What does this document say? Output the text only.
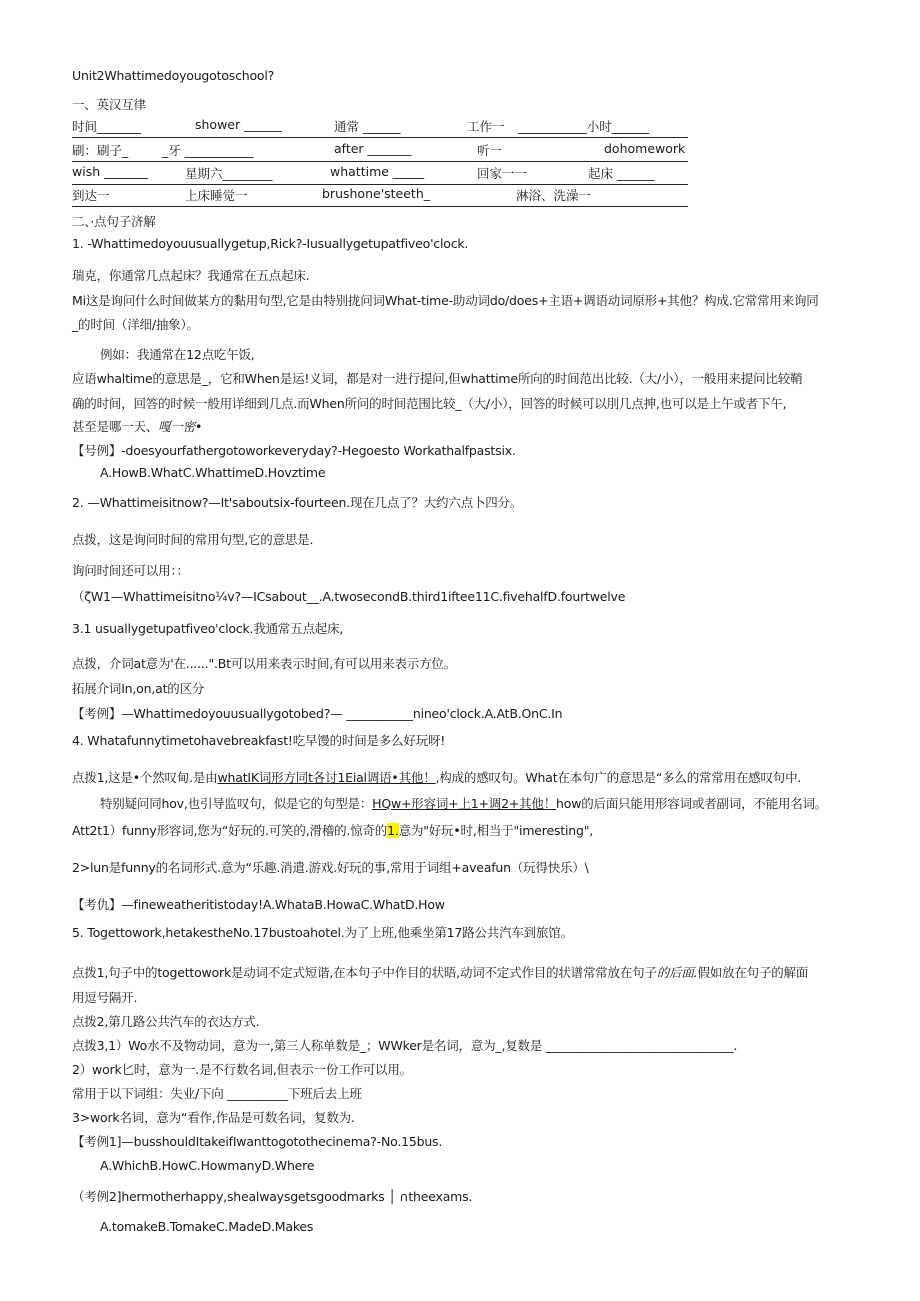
Unit2Whattimedoyougotoschool?
一、英汉互律
时间_______	shower ______	通常 ______	工作一 ___________小时______
刷：刷子_	_牙 ___________	after _______	听一	dohomework
wish _______	星期六________	whattime _____	回家一一	起床 ______
到达一	上床睡觉一	brushone'steeth_	淋浴、洗澡一
二、·点句子济解
1. -Whattimedoyouusuallygetup,Rick?-Iusuallygetupatfiveo'clock.
瑞克，你通常几点起床？我通常在五点起床.
Mi这是询问什么时间做某方的黏用句型,它是由特别拢问词What-time-助动词do∕does+主语+调语动词原形+其他？构成.它常常用来询同
_的时间（洋细/抽象）。
例如：我通常在12点吃午饭,
应语whaltime的意思是_，它和When是运!义词，都是对一进行提问,但whattime所向的时间范出比较.（大/小），一般用来提问比较鞘
确的时间，回答的时候一般用详细到几点.而When所问的时间范围比较_（大/小），回答的时候可以刖几点抻,也可以是上午或者下午,
甚至是哪一天、嘎一密•
【号例】-doesyourfathergotoworkeveryday?-Hegoesto Workathalfpastsix.
A.HowB.WhatC.WhattimeD.Hovztime
2. —Whattimeisitnow?—It'saboutsix-fourteen.现在几点了？大约六点卜四分。
点拨，这是询问时间的常用句型,它的意思是.
询问时间还可以用：：
（ζW1—Whattimeisitno¼v?—ICsabout__.A.twosecondB.third1iftee11C.fivehalfD.fourtwelve
3.1 usuallygetupatfiveo'clock.我通常五点起床,
点拨，介词at意为'在......".Bt可以用来表示时间,有可以用来表示方位。
拓展介词In,on,at的区分
【考例】—Whattimedoyouusuallygotobed?— ___________nineo'clock.A.AtB.OnC.In
4. Whatafunnytimetohavebreakfast!吃早馒的时间是多么好玩呀!
点拨1,这是•个然叹甸.是由whatIK词形方同t各讨1Eial调语•其他！,构成的感叹句。What在本句广的意思是“多么的常常用在感叹句中.
特别疑问同hov,也引导监叹句，似是它的句型是：HQw+形容词+上1+调2+其他！how的后面只能用形容词或者副词，不能用名词。
Att2t1）funny形容词,您为“好玩的.可笑的,滑稽的.惊奇的1.意为"好玩•时,相当于"imeresting",
2>lun是funny的名词形式.意为“乐趣.消遣.游戏.好玩的事,常用于词组+aveafun（玩得快乐）\
【考仇】—fineweatheritistoday!A.WhataB.HowaC.WhatD.How
5. Togettowork,hetakestheNo.17bustoahotel.为了上班,他乘坐第17路公共汽车到旅馆。
点拨1,句子中的togettowork是动词不定式短谐,在本句子中作目的状晤,动词不定式作目的状谱常常放在句子的后面.假如放在句子的解面
用逗号隔开.
点拨2,第几路公共汽车的衣达方式.
点拨3,1）Wo水不及物动词，意为一,第三人称单数是_；WWker是名词，意为_,复数是 _______________________________.
2）work匕时，意为一.是不行数名词,但表示一份工作可以用。
常用于以下词组：失业/下向 __________下班后去上班
3>work名词，意为“看作,作品是可数名词，复数为.
【考例1]—busshouldItakeifIwanttogotothecinema?-No.15bus.
A.WhichB.HowC.HowmanyD.Where
（考例2]hermotherhappy,shealwaysgetsgoodmarks │ ∩theexams.
A.tomakeB.TomakeC.MadeD.Makes
